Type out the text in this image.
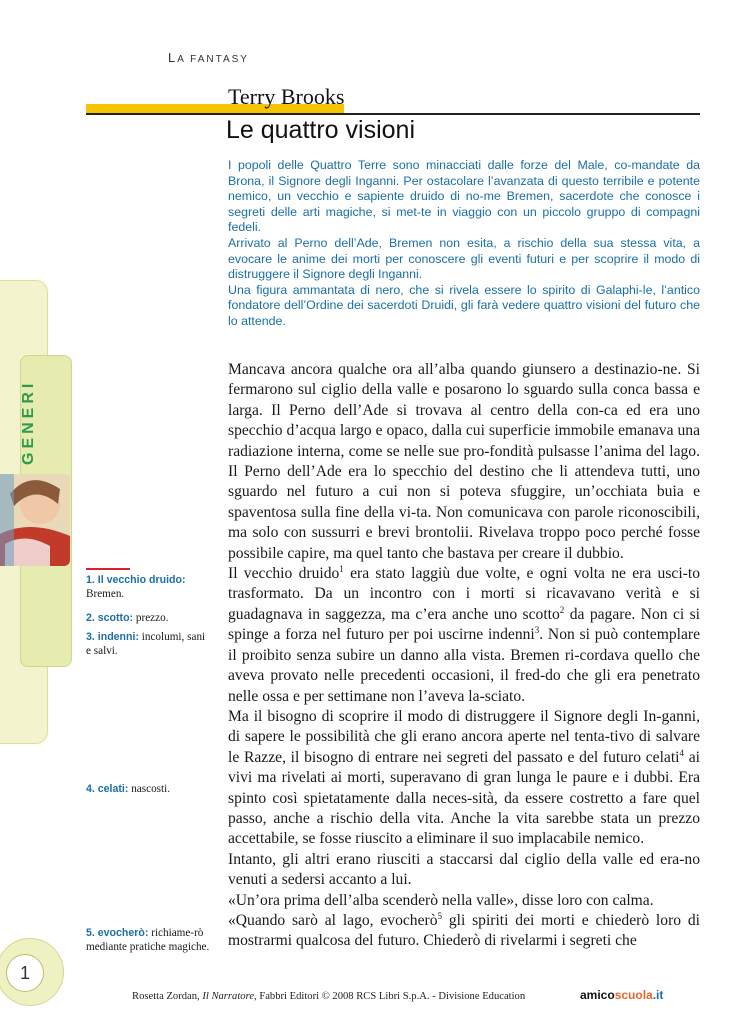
LA FANTASY
Terry Brooks
Le quattro visioni

I popoli delle Quattro Terre sono minacciati dalle forze del Male, co-mandate da Brona, il Signore degli Inganni. Per ostacolare l’avanzata di questo terribile e potente nemico, un vecchio e sapiente druido di no-me Bremen, sacerdote che conosce i segreti delle arti magiche, si met-te in viaggio con un piccolo gruppo di compagni fedeli.

Arrivato al Perno dell’Ade, Bremen non esita, a rischio della sua stessa vita, a evocare le anime dei morti per conoscere gli eventi futuri e per scoprire il modo di distruggere il Signore degli Inganni.

Una figura ammantata di nero, che si rivela essere lo spirito di Galaphi-le, l’antico fondatore dell’Ordine dei sacerdoti Druidi, gli farà vedere quattro visioni del futuro che lo attende.

Mancava ancora qualche ora all’alba quando giunsero a destinazio-ne. Si fermarono sul ciglio della valle e posarono lo sguardo sulla conca bassa e larga. Il Perno dell’Ade si trovava al centro della con-ca ed era uno specchio d’acqua largo e opaco, dalla cui superficie immobile emanava una radiazione interna, come se nelle sue pro-fondità pulsasse l’anima del lago. Il Perno dell’Ade era lo specchio del destino che li attendeva tutti, uno sguardo nel futuro a cui non si poteva sfuggire, un’occhiata buia e spaventosa sulla fine della vi-ta. Non comunicava con parole riconoscibili, ma solo con sussurri e brevi brontolii. Rivelava troppo poco perché fosse possibile capire, ma quel tanto che bastava per creare il dubbio.

Il vecchio druido$^1$ era stato laggiù due volte, e ogni volta ne era usci-to trasformato. Da un incontro con i morti si ricavavano verità e si guadagnava in saggezza, ma c’era anche uno scotto$^2$ da pagare. Non ci si spinge a forza nel futuro per poi uscirne indenni$^3$. Non si può contemplare il proibito senza subire un danno alla vista. Bremen ri-cordava quello che aveva provato nelle precedenti occasioni, il fred-do che gli era penetrato nelle ossa e per settimane non l’aveva la-sciato.

Ma il bisogno di scoprire il modo di distruggere il Signore degli In-ganni, di sapere le possibilità che gli erano ancora aperte nel tenta-tivo di salvare le Razze, il bisogno di entrare nei segreti del passato e del futuro celati$^4$ ai vivi ma rivelati ai morti, superavano di gran lunga le paure e i dubbi. Era spinto così spietatamente dalla neces-sità, da essere costretto a fare quel passo, anche a rischio della vita. Anche la vita sarebbe stata un prezzo accettabile, se fosse riuscito a eliminare il suo implacabile nemico.

Intanto, gli altri erano riusciti a staccarsi dal ciglio della valle ed era-no venuti a sedersi accanto a lui.

«Un’ora prima dell’alba scenderò nella valle», disse loro con calma.

«Quando sarò al lago, evocherò$^5$ gli spiriti dei morti e chiederò loro di mostrarmi qualcosa del futuro. Chiederò di rivelarmi i segreti che

GENERI
1. Il vecchio druido: Bremen.
2. scotto: prezzo.
3. indenni: incolumi, sani e salvi.
4. celati: nascosti.
5. evocherò: richiame-rò mediante pratiche magiche.
1
Rosetta Zordan, Il Narratore, Fabbri Editori © 2008 RCS Libri S.p.A. - Divisione Education	amicoscuola.it
